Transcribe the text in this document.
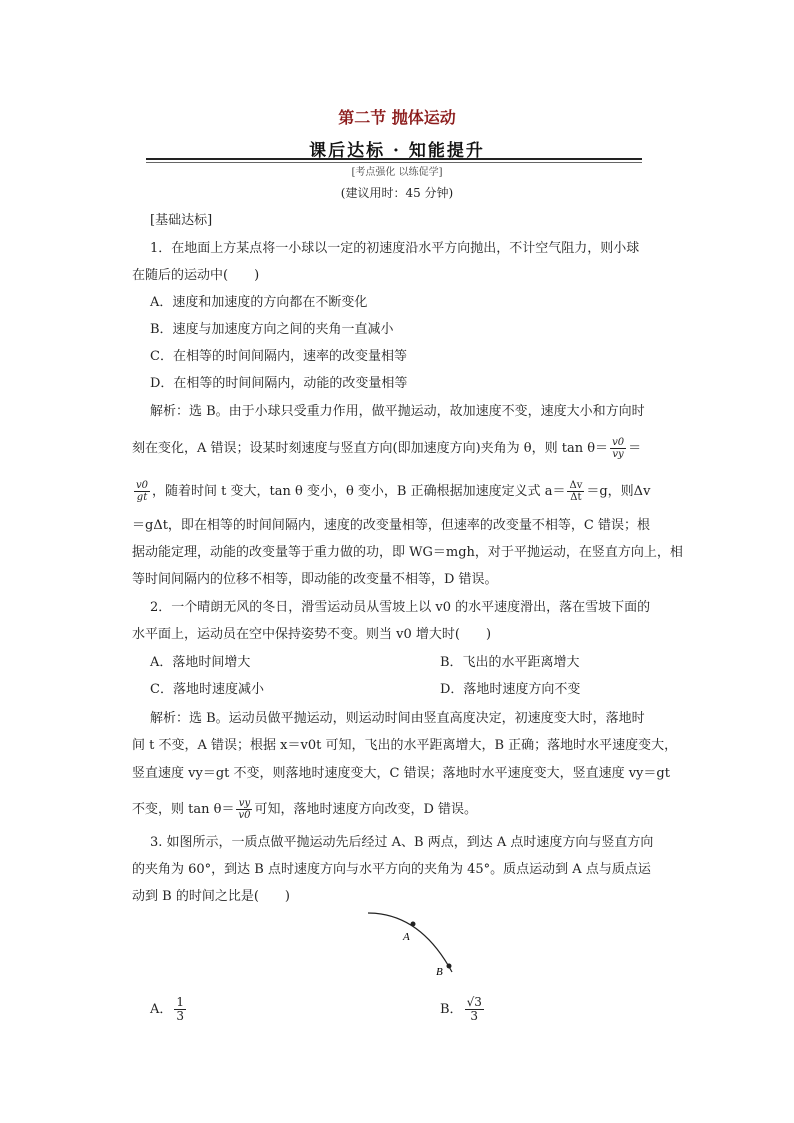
第二节 抛体运动
课后达标 · 知能提升
[考点强化 以练促学]
(建议用时：45 分钟)
[基础达标]
1．在地面上方某点将一小球以一定的初速度沿水平方向抛出，不计空气阻力，则小球
在随后的运动中(　　)
A．速度和加速度的方向都在不断变化
B．速度与加速度方向之间的夹角一直减小
C．在相等的时间间隔内，速率的改变量相等
D．在相等的时间间隔内，动能的改变量相等
解析：选 B。由于小球只受重力作用，做平抛运动，故加速度不变，速度大小和方向时
刻在变化，A 错误；设某时刻速度与竖直方向(即加速度方向)夹角为 θ，则 $\tan \theta= \frac{v0}{vy}$ ＝
$\frac{v0}{gt}$ ，随着时间 t 变大，tan θ 变小，θ 变小，B 正确根据加速度定义式 $a= \frac{\Delta v}{\Delta t} =g$，则Δv
＝gΔt，即在相等的时间间隔内，速度的改变量相等，但速率的改变量不相等，C 错误；根
据动能定理，动能的改变量等于重力做的功，即 WG＝mgh，对于平抛运动，在竖直方向上，相
等时间间隔内的位移不相等，即动能的改变量不相等，D 错误。
2．一个晴朗无风的冬日，滑雪运动员从雪坡上以 v0 的水平速度滑出，落在雪坡下面的
水平面上，运动员在空中保持姿势不变。则当 v0 增大时(　　)
A．落地时间增大	B．飞出的水平距离增大
C．落地时速度减小	D．落地时速度方向不变
解析：选 B。运动员做平抛运动，则运动时间由竖直高度决定，初速度变大时，落地时
间 t 不变，A 错误；根据 x＝v0t 可知，飞出的水平距离增大，B 正确；落地时水平速度变大，
竖直速度 vy＝gt 不变，则落地时速度变大，C 错误；落地时水平速度变大，竖直速度 vy＝gt
不变，则 $\tan \theta= \frac{vy}{v0}$ 可知，落地时速度方向改变，D 错误。
3. 如图所示，一质点做平抛运动先后经过 A、B 两点，到达 A 点时速度方向与竖直方向
的夹角为 60°，到达 B 点时速度方向与水平方向的夹角为 45°。质点运动到 A 点与质点运
动到 B 的时间之比是(　　)
A
B
A． $\frac{1}{3}$	B． $\frac{√3}{3}$
